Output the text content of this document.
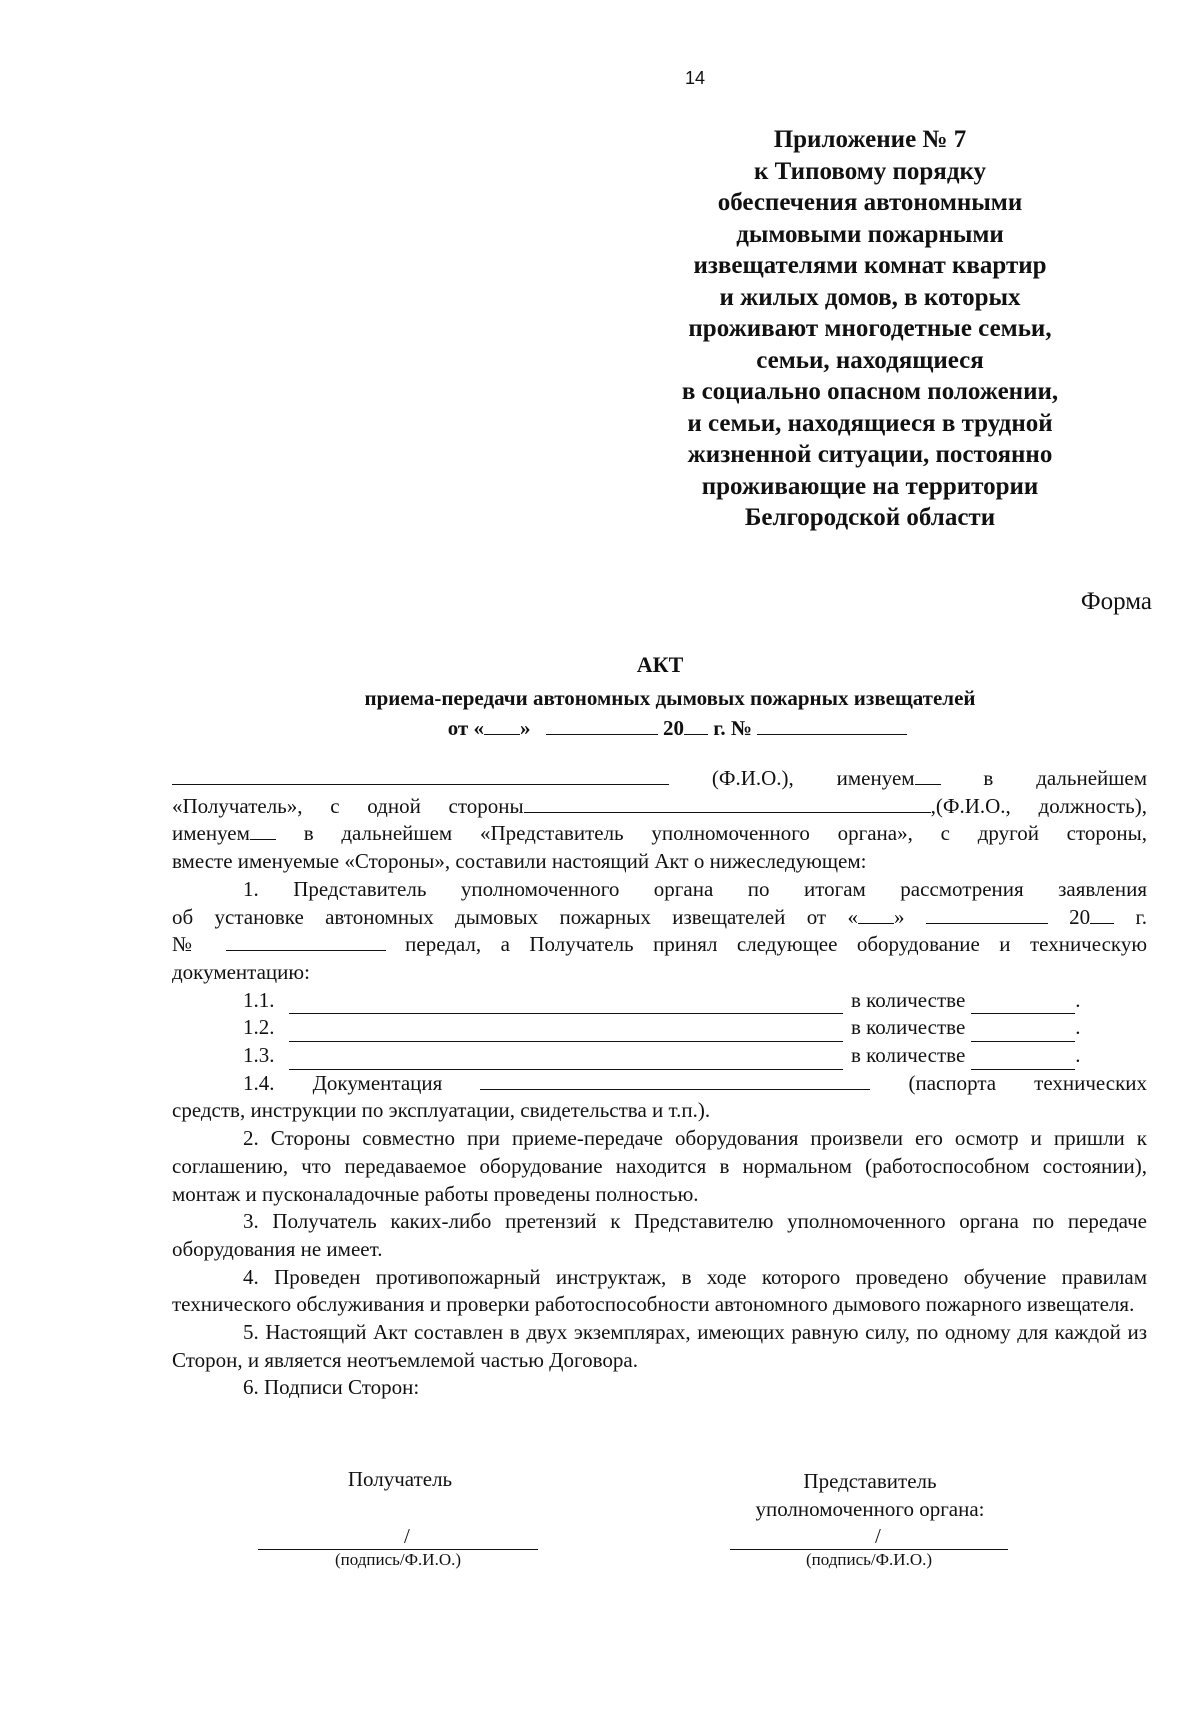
14
Приложение № 7
к Типовому порядку
обеспечения автономными
дымовыми пожарными
извещателями комнат квартир
и жилых домов, в которых
проживают многодетные семьи,
семьи, находящиеся
в социально опасном положении,
и семьи, находящиеся в трудной
жизненной ситуации, постоянно
проживающие на территории
Белгородской области
Форма
АКТ
приема-передачи автономных дымовых пожарных извещателей
от « »	20 г. №

(Ф.И.О.), именуем	в дальнейшем

«Получатель», с одной стороны	,(Ф.И.О., должность),

именуем	в дальнейшем «Представитель уполномоченного органа», с другой стороны,

вместе именуемые «Стороны», составили настоящий Акт о нижеследующем:

1. Представитель уполномоченного органа по итогам рассмотрения заявления

об установке автономных дымовых пожарных извещателей от « »	20 г.

№	передал, а Получатель принял следующее оборудование и техническую

документацию:

1.1.	в количестве	.
1.2.	в количестве	.
1.3.	в количестве	.

1.4. Документация	(паспорта технических

средств, инструкции по эксплуатации, свидетельства и т.п.).

2. Стороны совместно при приеме-передаче оборудования произвели его осмотр и пришли к соглашению, что передаваемое оборудование находится в нормальном (работоспособном состоянии), монтаж и пусконаладочные работы проведены полностью.

3. Получатель каких-либо претензий к Представителю уполномоченного органа по передаче оборудования не имеет.

4. Проведен противопожарный инструктаж, в ходе которого проведено обучение правилам технического обслуживания и проверки работоспособности автономного дымового пожарного извещателя.

5. Настоящий Акт составлен в двух экземплярах, имеющих равную силу, по одному для каждой из Сторон, и является неотъемлемой частью Договора.

6. Подписи Сторон:

Получатель	Представитель
уполномоченного органа:
/
(подпись/Ф.И.О.)
/
(подпись/Ф.И.О.)
